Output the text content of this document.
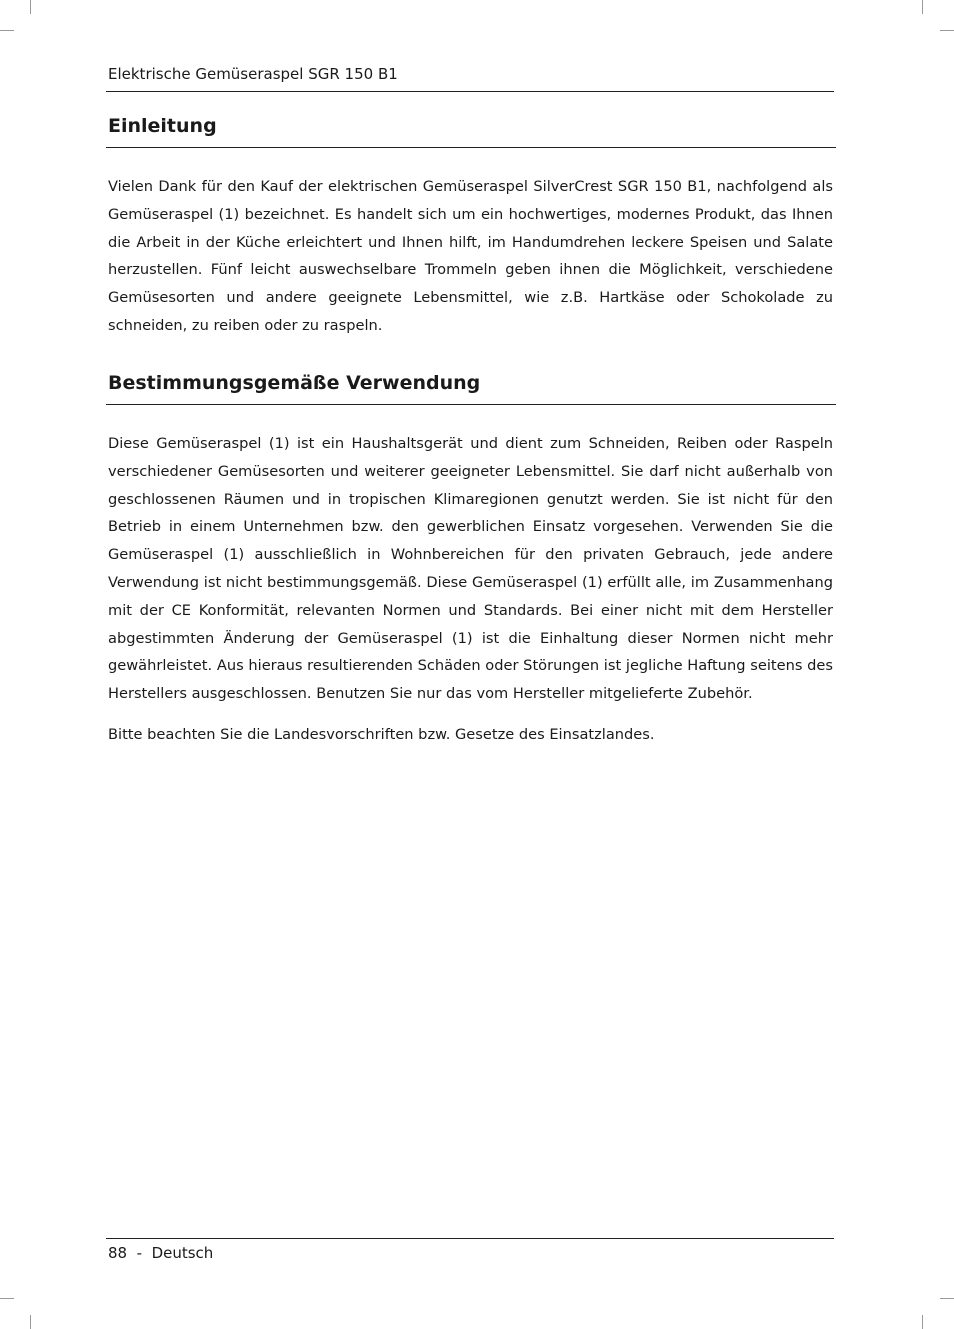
Elektrische Gemüseraspel SGR 150 B1
Einleitung

Vielen Dank für den Kauf der elektrischen Gemüseraspel SilverCrest SGR 150 B1, nachfolgend als Gemüseraspel (1) bezeichnet. Es handelt sich um ein hochwertiges, modernes Produkt, das Ihnen die Arbeit in der Küche erleichtert und Ihnen hilft, im Handumdrehen leckere Speisen und Salate herzustellen. Fünf leicht auswechselbare Trommeln geben ihnen die Möglichkeit, verschiedene Gemüsesorten und andere geeignete Lebensmittel, wie z.B. Hartkäse oder Schokolade zu schneiden, zu reiben oder zu raspeln.

Bestimmungsgemäße Verwendung

Diese Gemüseraspel (1) ist ein Haushaltsgerät und dient zum Schneiden, Reiben oder Raspeln verschiedener Gemüsesorten und weiterer geeigneter Lebensmittel. Sie darf nicht außerhalb von geschlossenen Räumen und in tropischen Klimaregionen genutzt werden. Sie ist nicht für den Betrieb in einem Unternehmen bzw. den gewerblichen Einsatz vorgesehen. Verwenden Sie die Gemüseraspel (1) ausschließlich in Wohnbereichen für den privaten Gebrauch, jede andere Verwendung ist nicht bestimmungsgemäß. Diese Gemüseraspel (1) erfüllt alle, im Zusammenhang mit der CE Konformität, relevanten Normen und Standards. Bei einer nicht mit dem Hersteller abgestimmten Änderung der Gemüseraspel (1) ist die Einhaltung dieser Normen nicht mehr gewährleistet. Aus hieraus resultierenden Schäden oder Störungen ist jegliche Haftung seitens des Herstellers ausgeschlossen. Benutzen Sie nur das vom Hersteller mitgelieferte Zubehör.

Bitte beachten Sie die Landesvorschriften bzw. Gesetze des Einsatzlandes.

88  -  Deutsch
